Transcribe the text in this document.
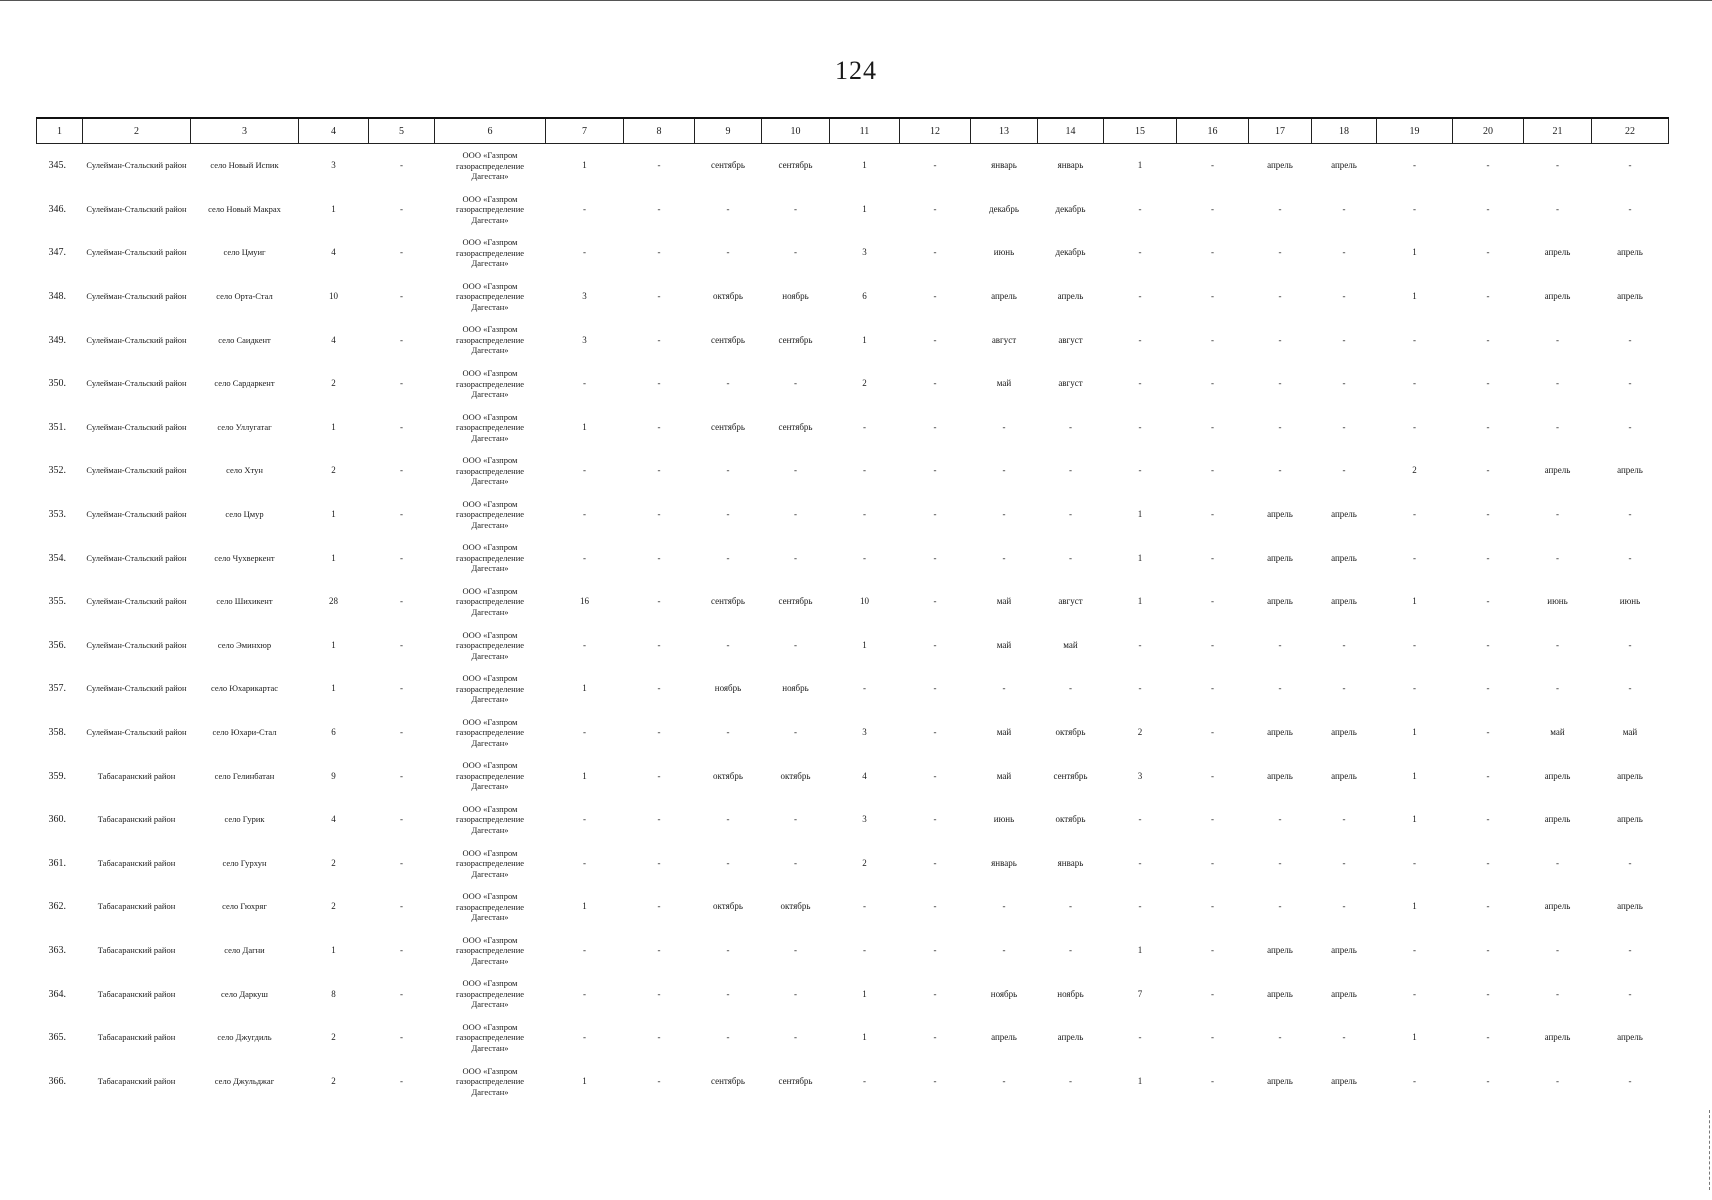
124
1	2	3	4	5	6	7	8	9	10	11	12	13	14	15	16	17	18	19	20	21	22
345.	Сулейман-Стальский район	село Новый Испик	3	-	ООО «Газпром газораспределение Дагестан»	1	-	сентябрь	сентябрь	1	-	январь	январь	1	-	апрель	апрель	-	-	-	-
346.	Сулейман-Стальский район	село Новый Макрах	1	-	ООО «Газпром газораспределение Дагестан»	-	-	-	-	1	-	декабрь	декабрь	-	-	-	-	-	-	-	-
347.	Сулейман-Стальский район	село Цмуиг	4	-	ООО «Газпром газораспределение Дагестан»	-	-	-	-	3	-	июнь	декабрь	-	-	-	-	1	-	апрель	апрель
348.	Сулейман-Стальский район	село Орта-Стал	10	-	ООО «Газпром газораспределение Дагестан»	3	-	октябрь	ноябрь	6	-	апрель	апрель	-	-	-	-	1	-	апрель	апрель
349.	Сулейман-Стальский район	село Саидкент	4	-	ООО «Газпром газораспределение Дагестан»	3	-	сентябрь	сентябрь	1	-	август	август	-	-	-	-	-	-	-	-
350.	Сулейман-Стальский район	село Сардаркент	2	-	ООО «Газпром газораспределение Дагестан»	-	-	-	-	2	-	май	август	-	-	-	-	-	-	-	-
351.	Сулейман-Стальский район	село Уллугатаг	1	-	ООО «Газпром газораспределение Дагестан»	1	-	сентябрь	сентябрь	-	-	-	-	-	-	-	-	-	-	-	-
352.	Сулейман-Стальский район	село Хтун	2	-	ООО «Газпром газораспределение Дагестан»	-	-	-	-	-	-	-	-	-	-	-	-	2	-	апрель	апрель
353.	Сулейман-Стальский район	село Цмур	1	-	ООО «Газпром газораспределение Дагестан»	-	-	-	-	-	-	-	-	1	-	апрель	апрель	-	-	-	-
354.	Сулейман-Стальский район	село Чухверкент	1	-	ООО «Газпром газораспределение Дагестан»	-	-	-	-	-	-	-	-	1	-	апрель	апрель	-	-	-	-
355.	Сулейман-Стальский район	село Шихикент	28	-	ООО «Газпром газораспределение Дагестан»	16	-	сентябрь	сентябрь	10	-	май	август	1	-	апрель	апрель	1	-	июнь	июнь
356.	Сулейман-Стальский район	село Эминхюр	1	-	ООО «Газпром газораспределение Дагестан»	-	-	-	-	1	-	май	май	-	-	-	-	-	-	-	-
357.	Сулейман-Стальский район	село Юхарикартас	1	-	ООО «Газпром газораспределение Дагестан»	1	-	ноябрь	ноябрь	-	-	-	-	-	-	-	-	-	-	-	-
358.	Сулейман-Стальский район	село Юхари-Стал	6	-	ООО «Газпром газораспределение Дагестан»	-	-	-	-	3	-	май	октябрь	2	-	апрель	апрель	1	-	май	май
359.	Табасаранский район	село Гелинбатан	9	-	ООО «Газпром газораспределение Дагестан»	1	-	октябрь	октябрь	4	-	май	сентябрь	3	-	апрель	апрель	1	-	апрель	апрель
360.	Табасаранский район	село Гурик	4	-	ООО «Газпром газораспределение Дагестан»	-	-	-	-	3	-	июнь	октябрь	-	-	-	-	1	-	апрель	апрель
361.	Табасаранский район	село Гурхун	2	-	ООО «Газпром газораспределение Дагестан»	-	-	-	-	2	-	январь	январь	-	-	-	-	-	-	-	-
362.	Табасаранский район	село Гюхряг	2	-	ООО «Газпром газораспределение Дагестан»	1	-	октябрь	октябрь	-	-	-	-	-	-	-	-	1	-	апрель	апрель
363.	Табасаранский район	село Дагни	1	-	ООО «Газпром газораспределение Дагестан»	-	-	-	-	-	-	-	-	1	-	апрель	апрель	-	-	-	-
364.	Табасаранский район	село Даркуш	8	-	ООО «Газпром газораспределение Дагестан»	-	-	-	-	1	-	ноябрь	ноябрь	7	-	апрель	апрель	-	-	-	-
365.	Табасаранский район	село Джугдиль	2	-	ООО «Газпром газораспределение Дагестан»	-	-	-	-	1	-	апрель	апрель	-	-	-	-	1	-	апрель	апрель
366.	Табасаранский район	село Джульджаг	2	-	ООО «Газпром газораспределение Дагестан»	1	-	сентябрь	сентябрь	-	-	-	-	1	-	апрель	апрель	-	-	-	-
